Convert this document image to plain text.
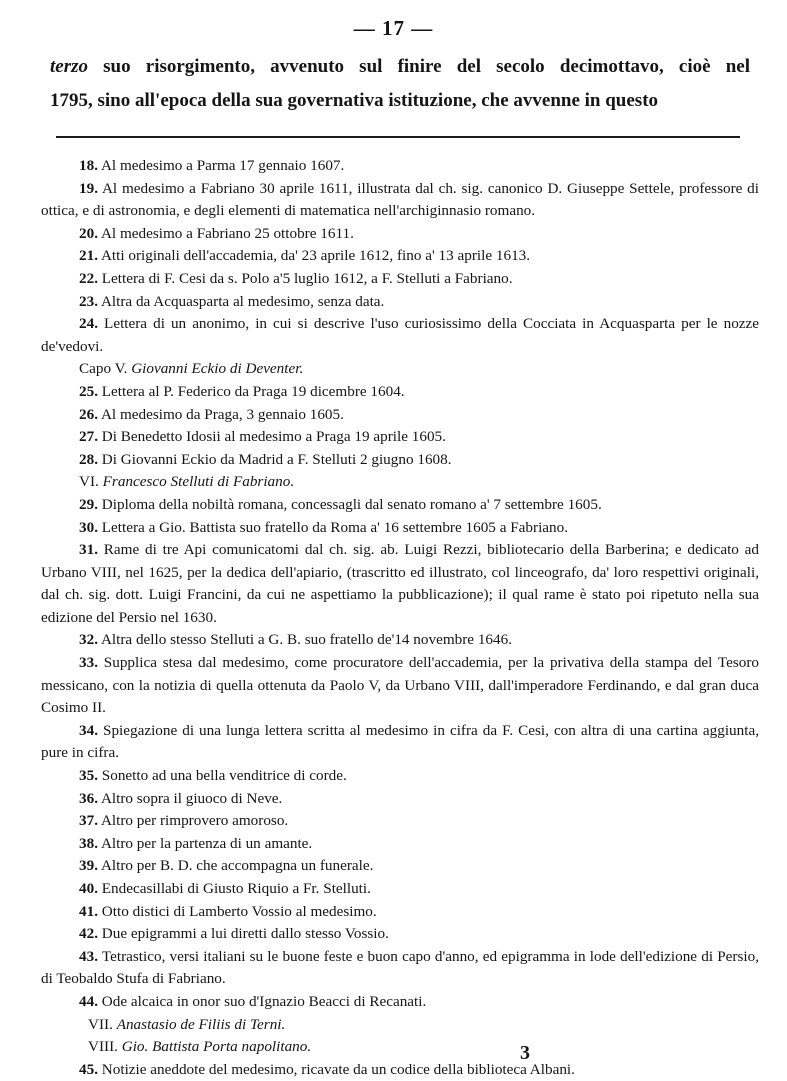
— 17 —

terzo suo risorgimento, avvenuto sul finire del secolo decimottavo, cioè nel

1795, sino all'epoca della sua governativa istituzione, che avvenne in questo

18. Al medesimo a Parma 17 gennaio 1607.

19. Al medesimo a Fabriano 30 aprile 1611, illustrata dal ch. sig. canonico D. Giuseppe Settele, professore di ottica, e di astronomia, e degli elementi di matematica nell'archiginnasio romano.

20. Al medesimo a Fabriano 25 ottobre 1611.

21. Atti originali dell'accademia, da' 23 aprile 1612, fino a' 13 aprile 1613.

22. Lettera di F. Cesi da s. Polo a'5 luglio 1612, a F. Stelluti a Fabriano.

23. Altra da Acquasparta al medesimo, senza data.

24. Lettera di un anonimo, in cui si descrive l'uso curiosissimo della Cocciata in Acquasparta per le nozze de'vedovi.

Capo V. Giovanni Eckio di Deventer.

25. Lettera al P. Federico da Praga 19 dicembre 1604.

26. Al medesimo da Praga, 3 gennaio 1605.

27. Di Benedetto Idosii al medesimo a Praga 19 aprile 1605.

28. Di Giovanni Eckio da Madrid a F. Stelluti 2 giugno 1608.

VI. Francesco Stelluti di Fabriano.

29. Diploma della nobiltà romana, concessagli dal senato romano a' 7 settembre 1605.

30. Lettera a Gio. Battista suo fratello da Roma a' 16 settembre 1605 a Fabriano.

31. Rame di tre Api comunicatomi dal ch. sig. ab. Luigi Rezzi, bibliotecario della Barberina; e dedicato ad Urbano VIII, nel 1625, per la dedica dell'apiario, (trascritto ed illustrato, col linceografo, da' loro respettivi originali, dal ch. sig. dott. Luigi Francini, da cui ne aspettiamo la pubblicazione); il qual rame è stato poi ripetuto nella sua edizione del Persio nel 1630.

32. Altra dello stesso Stelluti a G. B. suo fratello de'14 novembre 1646.

33. Supplica stesa dal medesimo, come procuratore dell'accademia, per la privativa della stampa del Tesoro messicano, con la notizia di quella ottenuta da Paolo V, da Urbano VIII, dall'imperadore Ferdinando, e dal gran duca Cosimo II.

34. Spiegazione di una lunga lettera scritta al medesimo in cifra da F. Cesi, con altra di una cartina aggiunta, pure in cifra.

35. Sonetto ad una bella venditrice di corde.

36. Altro sopra il giuoco di Neve.

37. Altro per rimprovero amoroso.

38. Altro per la partenza di un amante.

39. Altro per B. D. che accompagna un funerale.

40. Endecasillabi di Giusto Riquio a Fr. Stelluti.

41. Otto distici di Lamberto Vossio al medesimo.

42. Due epigrammi a lui diretti dallo stesso Vossio.

43. Tetrastico, versi italiani su le buone feste e buon capo d'anno, ed epigramma in lode dell'edizione di Persio, di Teobaldo Stufa di Fabriano.

44. Ode alcaica in onor suo d'Ignazio Beacci di Recanati.

VII. Anastasio de Filiis di Terni.

VIII. Gio. Battista Porta napolitano.

45. Notizie aneddote del medesimo, ricavate da un codice della biblioteca Albani.

3
